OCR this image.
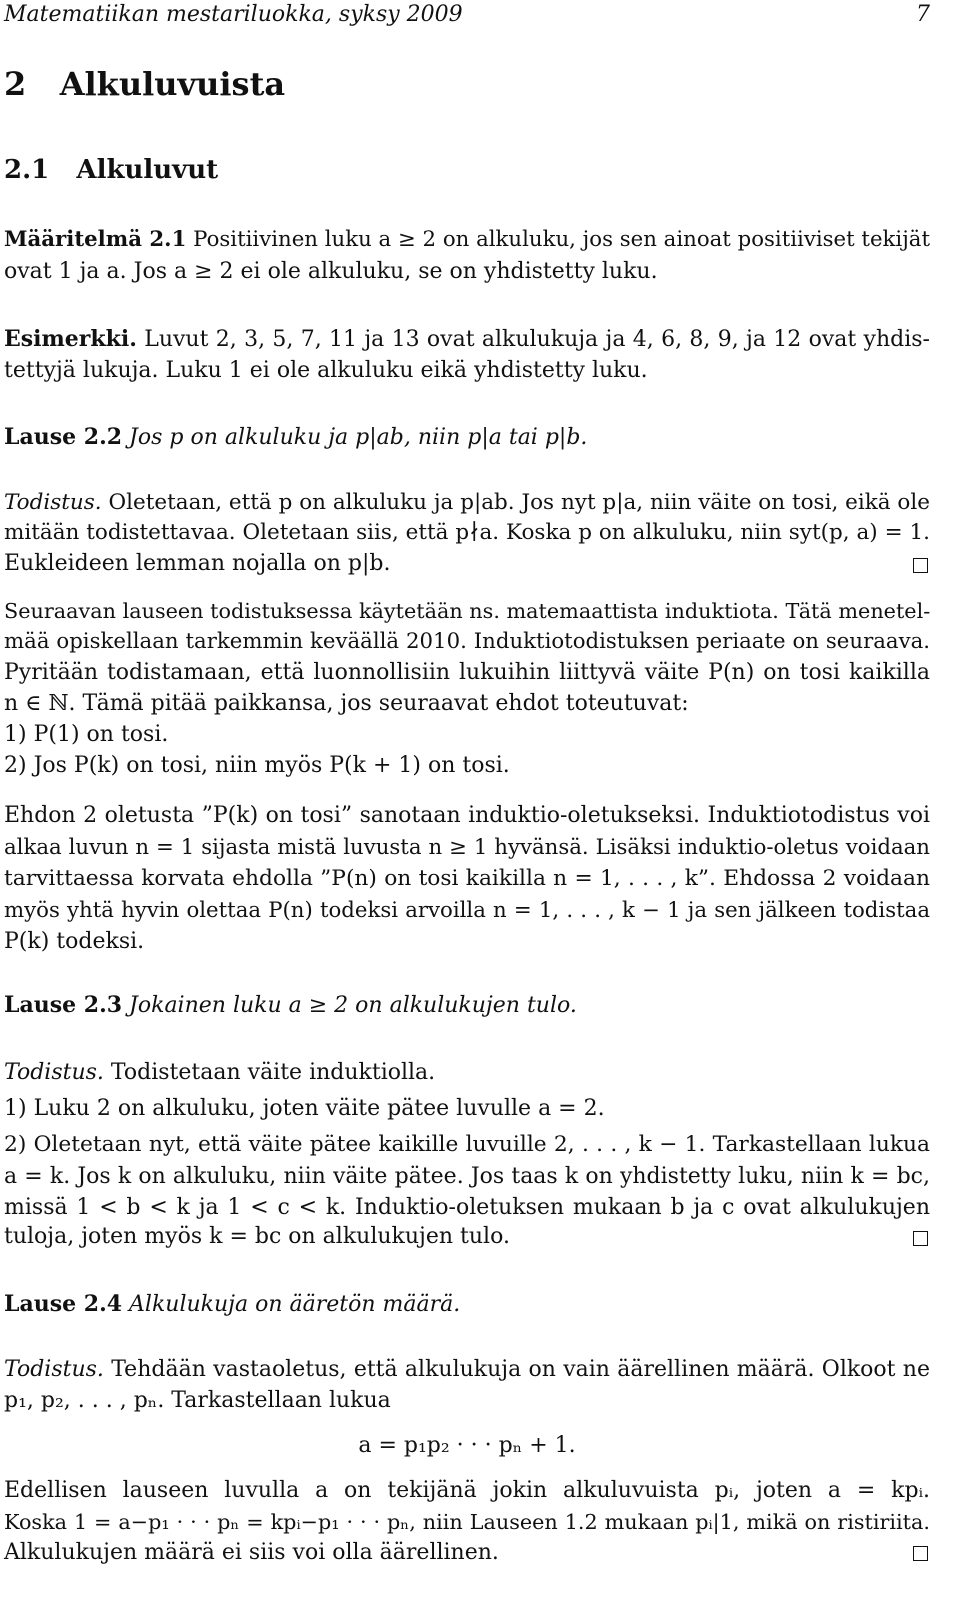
Matematiikan mestariluokka, syksy 2009	7
2 Alkuluvuista
2.1 Alkuluvut
Määritelmä 2.1 Positiivinen luku a ≥ 2 on alkuluku, jos sen ainoat positiiviset tekijät
ovat 1 ja a. Jos a ≥ 2 ei ole alkuluku, se on yhdistetty luku.
Esimerkki. Luvut 2, 3, 5, 7, 11 ja 13 ovat alkulukuja ja 4, 6, 8, 9, ja 12 ovat yhdis-
tettyjä lukuja. Luku 1 ei ole alkuluku eikä yhdistetty luku.
Lause 2.2 Jos p on alkuluku ja p|ab, niin p|a tai p|b.
Todistus. Oletetaan, että p on alkuluku ja p|ab. Jos nyt p|a, niin väite on tosi, eikä ole
mitään todistettavaa. Oletetaan siis, että p∤a. Koska p on alkuluku, niin syt(p, a) = 1.
Eukleideen lemman nojalla on p|b.
Seuraavan lauseen todistuksessa käytetään ns. matemaattista induktiota. Tätä menetel-
mää opiskellaan tarkemmin keväällä 2010. Induktiotodistuksen periaate on seuraava.
Pyritään todistamaan, että luonnollisiin lukuihin liittyvä väite P(n) on tosi kaikilla
n ∈ ℕ. Tämä pitää paikkansa, jos seuraavat ehdot toteutuvat:
1) P(1) on tosi.
2) Jos P(k) on tosi, niin myös P(k + 1) on tosi.
Ehdon 2 oletusta ”P(k) on tosi” sanotaan induktio-oletukseksi. Induktiotodistus voi
alkaa luvun n = 1 sijasta mistä luvusta n ≥ 1 hyvänsä. Lisäksi induktio-oletus voidaan
tarvittaessa korvata ehdolla ”P(n) on tosi kaikilla n = 1, . . . , k”. Ehdossa 2 voidaan
myös yhtä hyvin olettaa P(n) todeksi arvoilla n = 1, . . . , k − 1 ja sen jälkeen todistaa
P(k) todeksi.
Lause 2.3 Jokainen luku a ≥ 2 on alkulukujen tulo.
Todistus. Todistetaan väite induktiolla.
1) Luku 2 on alkuluku, joten väite pätee luvulle a = 2.
2) Oletetaan nyt, että väite pätee kaikille luvuille 2, . . . , k − 1. Tarkastellaan lukua
a = k. Jos k on alkuluku, niin väite pätee. Jos taas k on yhdistetty luku, niin k = bc,
missä 1 < b < k ja 1 < c < k. Induktio-oletuksen mukaan b ja c ovat alkulukujen
tuloja, joten myös k = bc on alkulukujen tulo.
Lause 2.4 Alkulukuja on ääretön määrä.
Todistus. Tehdään vastaoletus, että alkulukuja on vain äärellinen määrä. Olkoot ne
p₁, p₂, . . . , pₙ. Tarkastellaan lukua
a = p₁p₂ · · · pₙ + 1.
Edellisen lauseen luvulla a on tekijänä jokin alkuluvuista pᵢ, joten a = kpᵢ.
Koska 1 = a−p₁ · · · pₙ = kpᵢ−p₁ · · · pₙ, niin Lauseen 1.2 mukaan pᵢ|1, mikä on ristiriita.
Alkulukujen määrä ei siis voi olla äärellinen.
